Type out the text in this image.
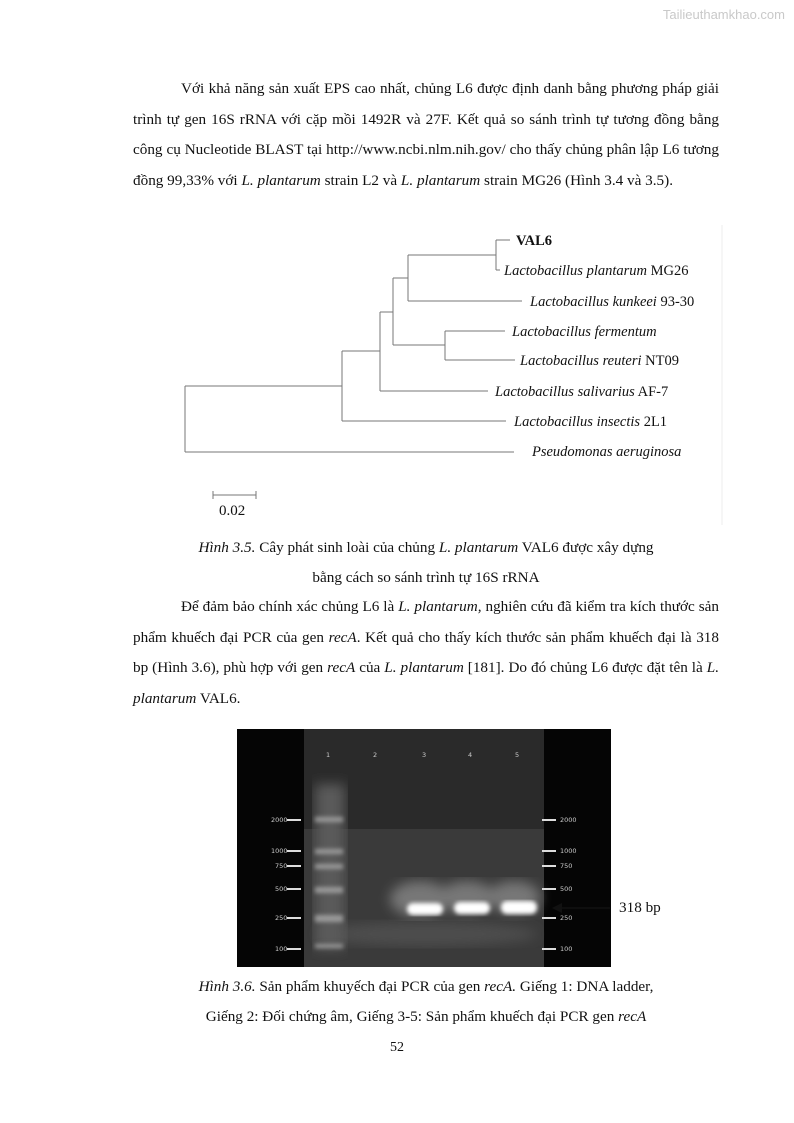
Tailieuthamkhao.com

Với khả năng sản xuất EPS cao nhất, chủng L6 được định danh bằng phương pháp giải trình tự gen 16S rRNA với cặp mồi 1492R và 27F. Kết quả so sánh trình tự tương đồng bằng công cụ Nucleotide BLAST tại http://www.ncbi.nlm.nih.gov/ cho thấy chủng phân lập L6 tương đồng 99,33% với L. plantarum strain L2 và L. plantarum strain MG26 (Hình 3.4 và 3.5).

VAL6
Lactobacillus plantarum MG26
Lactobacillus kunkeei 93-30
Lactobacillus fermentum
Lactobacillus reuteri NT09
Lactobacillus salivarius AF-7
Lactobacillus insectis 2L1
Pseudomonas aeruginosa
0.02

Hình 3.5. Cây phát sinh loài của chủng L. plantarum VAL6 được xây dựng
bằng cách so sánh trình tự 16S rRNA

Để đảm bảo chính xác chủng L6 là L. plantarum, nghiên cứu đã kiểm tra kích thước sản phẩm khuếch đại PCR của gen recA. Kết quả cho thấy kích thước sản phẩm khuếch đại là 318 bp (Hình 3.6), phù hợp với gen recA của L. plantarum [181]. Do đó chủng L6 được đặt tên là L. plantarum VAL6.

1	2	3	4	5
2000
1000
750
500
250
100
2000
1000
750
500
250
100
318 bp

Hình 3.6. Sản phẩm khuyếch đại PCR của gen recA. Giếng 1: DNA ladder,
Giếng 2: Đối chứng âm, Giếng 3-5: Sản phẩm khuếch đại PCR gen recA

52
